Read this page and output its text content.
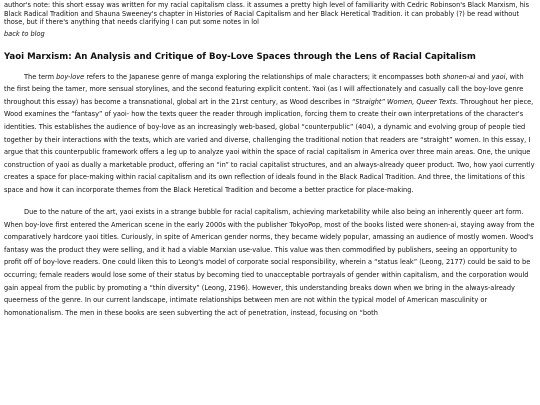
author's note: this short essay was written for my racial capitalism class. it assumes a pretty high level of familiarity with Cedric Robinson's Black Marxism, his Black Radical Tradition and Shauna Sweeney's chapter in Histories of Racial Capitalism and her Black Heretical Tradition. it can probably (?) be read without those, but if there's anything that needs clarifying I can put some notes in lol

back to blog
Yaoi Marxism: An Analysis and Critique of Boy-Love Spaces through the Lens of Racial Capitalism

The term boy-love refers to the Japanese genre of manga exploring the relationships of male characters; it encompasses both shonen-ai and yaoi, with the first being the tamer, more sensual storylines, and the second featuring explicit content. Yaoi (as I will affectionately and casually call the boy-love genre throughout this essay) has become a transnational, global art in the 21rst century, as Wood describes in “Straight” Women, Queer Texts. Throughout her piece, Wood examines the “fantasy” of yaoi- how the texts queer the reader through implication, forcing them to create their own interpretations of the character's identities. This establishes the audience of boy-love as an increasingly web-based, global “counterpublic” (404), a dynamic and evolving group of people tied together by their interactions with the texts, which are varied and diverse, challenging the traditional notion that readers are “straight” women. In this essay, I argue that this counterpublic framework offers a leg up to analyze yaoi within the space of racial capitalism in America over three main areas. One, the unique construction of yaoi as dually a marketable product, offering an “in” to racial capitalist structures, and an always-already queer product. Two, how yaoi currently creates a space for place-making within racial capitalism and its own reflection of ideals found in the Black Radical Tradition. And three, the limitations of this space and how it can incorporate themes from the Black Heretical Tradition and become a better practice for place-making.

Due to the nature of the art, yaoi exists in a strange bubble for racial capitalism, achieving marketability while also being an inherently queer art form. When boy-love first entered the American scene in the early 2000s with the publisher TokyoPop, most of the books listed were shonen-ai, staying away from the comparatively hardcore yaoi titles. Curiously, in spite of American gender norms, they became widely popular, amassing an audience of mostly women. Wood's fantasy was the product they were selling, and it had a viable Marxian use-value. This value was then commodified by publishers, seeing an opportunity to profit off of boy-love readers. One could liken this to Leong's model of corporate social responsibility, wherein a “status leak” (Leong, 2177) could be said to be occurring; female readers would lose some of their status by becoming tied to unacceptable portrayals of gender within capitalism, and the corporation would gain appeal from the public by promoting a “thin diversity” (Leong, 2196). However, this understanding breaks down when we bring in the always-already queerness of the genre. In our current landscape, intimate relationships between men are not within the typical model of American masculinity or homonationalism. The men in these books are seen subverting the act of penetration, instead, focusing on “both
